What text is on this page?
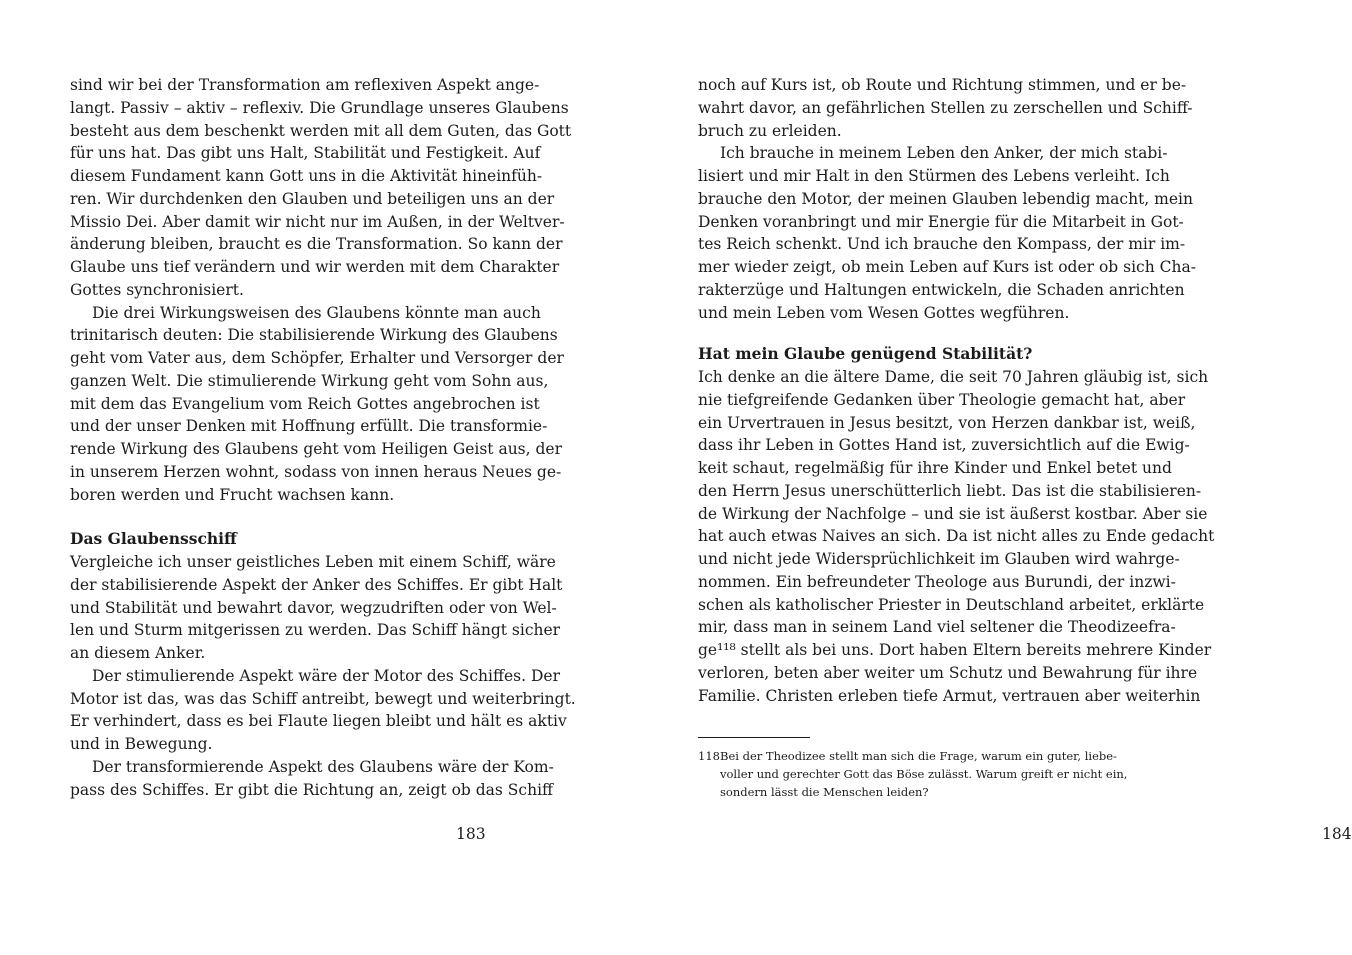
sind wir bei der Transformation am reflexiven Aspekt ange-
langt. Passiv – aktiv – reflexiv. Die Grundlage unseres Glaubens
besteht aus dem beschenkt werden mit all dem Guten, das Gott
für uns hat. Das gibt uns Halt, Stabilität und Festigkeit. Auf
diesem Fundament kann Gott uns in die Aktivität hineinfüh-
ren. Wir durchdenken den Glauben und beteiligen uns an der
Missio Dei. Aber damit wir nicht nur im Außen, in der Weltver-
änderung bleiben, braucht es die Transformation. So kann der
Glaube uns tief verändern und wir werden mit dem Charakter
Gottes synchronisiert.
Die drei Wirkungsweisen des Glaubens könnte man auch
trinitarisch deuten: Die stabilisierende Wirkung des Glaubens
geht vom Vater aus, dem Schöpfer, Erhalter und Versorger der
ganzen Welt. Die stimulierende Wirkung geht vom Sohn aus,
mit dem das Evangelium vom Reich Gottes angebrochen ist
und der unser Denken mit Hoffnung erfüllt. Die transformie-
rende Wirkung des Glaubens geht vom Heiligen Geist aus, der
in unserem Herzen wohnt, sodass von innen heraus Neues ge-
boren werden und Frucht wachsen kann.
Das Glaubensschiff
Vergleiche ich unser geistliches Leben mit einem Schiff, wäre
der stabilisierende Aspekt der Anker des Schiffes. Er gibt Halt
und Stabilität und bewahrt davor, wegzudriften oder von Wel-
len und Sturm mitgerissen zu werden. Das Schiff hängt sicher
an diesem Anker.
Der stimulierende Aspekt wäre der Motor des Schiffes. Der
Motor ist das, was das Schiff antreibt, bewegt und weiterbringt.
Er verhindert, dass es bei Flaute liegen bleibt und hält es aktiv
und in Bewegung.
Der transformierende Aspekt des Glaubens wäre der Kom-
pass des Schiffes. Er gibt die Richtung an, zeigt ob das Schiff
183
noch auf Kurs ist, ob Route und Richtung stimmen, und er be-
wahrt davor, an gefährlichen Stellen zu zerschellen und Schiff-
bruch zu erleiden.
Ich brauche in meinem Leben den Anker, der mich stabi-
lisiert und mir Halt in den Stürmen des Lebens verleiht. Ich
brauche den Motor, der meinen Glauben lebendig macht, mein
Denken voranbringt und mir Energie für die Mitarbeit in Got-
tes Reich schenkt. Und ich brauche den Kompass, der mir im-
mer wieder zeigt, ob mein Leben auf Kurs ist oder ob sich Cha-
rakterzüge und Haltungen entwickeln, die Schaden anrichten
und mein Leben vom Wesen Gottes wegführen.
Hat mein Glaube genügend Stabilität?
Ich denke an die ältere Dame, die seit 70 Jahren gläubig ist, sich
nie tiefgreifende Gedanken über Theologie gemacht hat, aber
ein Urvertrauen in Jesus besitzt, von Herzen dankbar ist, weiß,
dass ihr Leben in Gottes Hand ist, zuversichtlich auf die Ewig-
keit schaut, regelmäßig für ihre Kinder und Enkel betet und
den Herrn Jesus unerschütterlich liebt. Das ist die stabilisieren-
de Wirkung der Nachfolge – und sie ist äußerst kostbar. Aber sie
hat auch etwas Naives an sich. Da ist nicht alles zu Ende gedacht
und nicht jede Widersprüchlichkeit im Glauben wird wahrge-
nommen. Ein befreundeter Theologe aus Burundi, der inzwi-
schen als katholischer Priester in Deutschland arbeitet, erklärte
mir, dass man in seinem Land viel seltener die Theodizeefra-
ge¹¹⁸ stellt als bei uns. Dort haben Eltern bereits mehrere Kinder
verloren, beten aber weiter um Schutz und Bewahrung für ihre
Familie. Christen erleben tiefe Armut, vertrauen aber weiterhin
118Bei der Theodizee stellt man sich die Frage, warum ein guter, liebe-
voller und gerechter Gott das Böse zulässt. Warum greift er nicht ein,
sondern lässt die Menschen leiden?
184
